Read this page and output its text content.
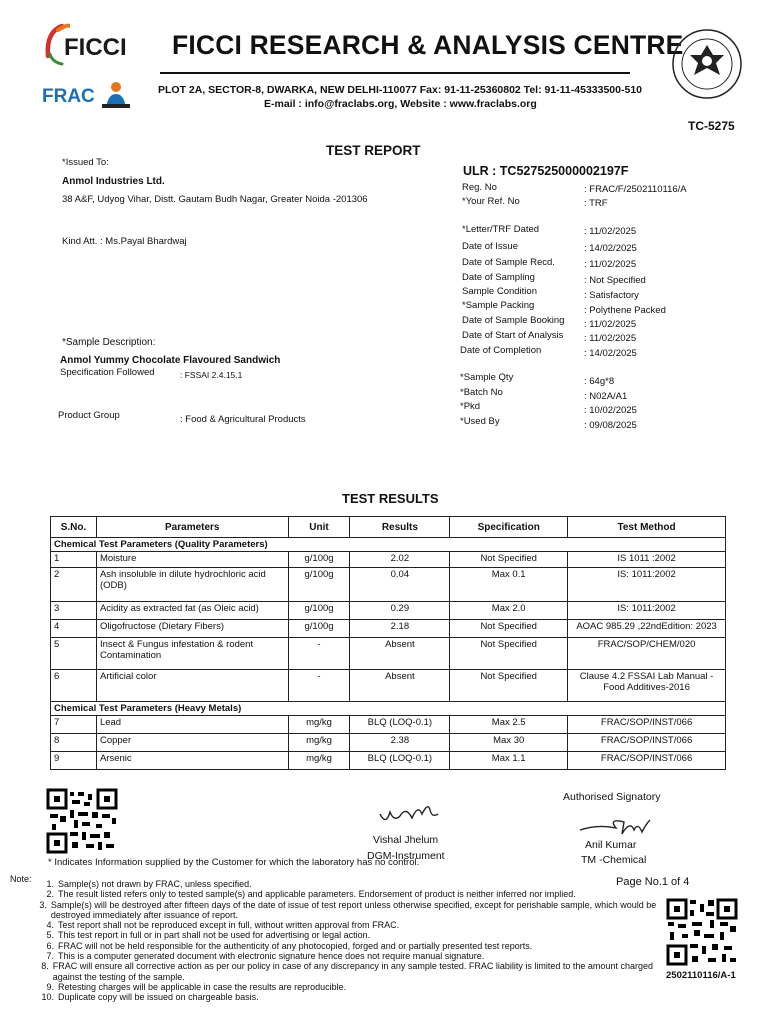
FICCI
FRAC
FICCI RESEARCH & ANALYSIS CENTRE
PLOT 2A, SECTOR-8, DWARKA, NEW DELHI-110077 Fax: 91-11-25360802 Tel: 91-11-45333500-510
E-mail : info@fraclabs.org, Website : www.fraclabs.org
TC-5275
TEST REPORT
*Issued To:
Anmol Industries Ltd.
38 A&F, Udyog Vihar, Distt. Gautam Budh Nagar, Greater Noida -201306
Kind Att. : Ms.Payal Bhardwaj
*Sample Description:
Anmol Yummy Chocolate Flavoured Sandwich
Specification Followed	: FSSAI 2.4.15.1
Product Group	: Food & Agricultural Products
ULR : TC527525000002197F
Reg. No	: FRAC/F/2502110116/A
*Your Ref. No	: TRF
*Letter/TRF Dated	: 11/02/2025
Date of Issue	: 14/02/2025
Date of Sample Recd.	: 11/02/2025
Date of Sampling	: Not Specified
Sample Condition	: Satisfactory
*Sample Packing	: Polythene Packed
Date of Sample Booking : 11/02/2025
Date of Start of Analysis : 11/02/2025
Date of Completion	: 14/02/2025
*Sample Qty	: 64g*8
*Batch No	: N02A/A1
*Pkd	: 10/02/2025
*Used By	: 09/08/2025
TEST RESULTS
S.No.	Parameters	Unit	Results	Specification	Test Method
Chemical Test Parameters (Quality Parameters)					
1	Moisture	g/100g	2.02	Not Specified	IS 1011 :2002
2	Ash insoluble in dilute hydrochloric acid (ODB)	g/100g	0.04	Max 0.1	IS: 1011:2002
3	Acidity as extracted fat (as Oleic acid)	g/100g	0.29	Max 2.0	IS: 1011:2002
4	Oligofructose (Dietary Fibers)	g/100g	2.18	Not Specified	AOAC 985.29 ,22ndEdition: 2023
5	Insect & Fungus infestation & rodent Contamination	-	Absent	Not Specified	FRAC/SOP/CHEM/020
6	Artificial color	-	Absent	Not Specified	Clause 4.2 FSSAI Lab Manual - Food Additives-2016
Chemical Test Parameters (Heavy Metals)					
7	Lead	mg/kg	BLQ (LOQ-0.1)	Max 2.5	FRAC/SOP/INST/066
8	Copper	mg/kg	2.38	Max 30	FRAC/SOP/INST/066
9	Arsenic	mg/kg	BLQ (LOQ-0.1)	Max 1.1	FRAC/SOP/INST/066
Authorised Signatory
Vishal Jhelum
DGM-Instrument
Anil Kumar
TM -Chemical
* Indicates Information supplied by the Customer for which the laboratory has no control.
Note:	Page No.1 of 4
1. Sample(s) not drawn by FRAC, unless specified.
2. The result listed refers only to tested sample(s) and applicable parameters. Endorsement of product is neither inferred nor implied.
3. Sample(s) will be destroyed after fifteen days of the date of issue of test report unless otherwise specified, except for perishable sample, which would be destroyed immediately after issuance of report.
4. Test report shall not be reproduced except in full, without written approval from FRAC.
5. This test report in full or in part shall not be used for advertising or legal action.
6. FRAC will not be held responsible for the authenticity of any photocopied, forged and or partially presented test reports.
7. This is a computer generated document with electronic signature hence does not require manual signature.
8. FRAC will ensure all corrective action as per our policy in case of any discrepancy in any sample tested. FRAC liability is limited to the amount charged against the testing of the sample.
9. Retesting charges will be applicable in case the results are reproducible.
10. Duplicate copy will be issued on chargeable basis.
2502110116/A-1
